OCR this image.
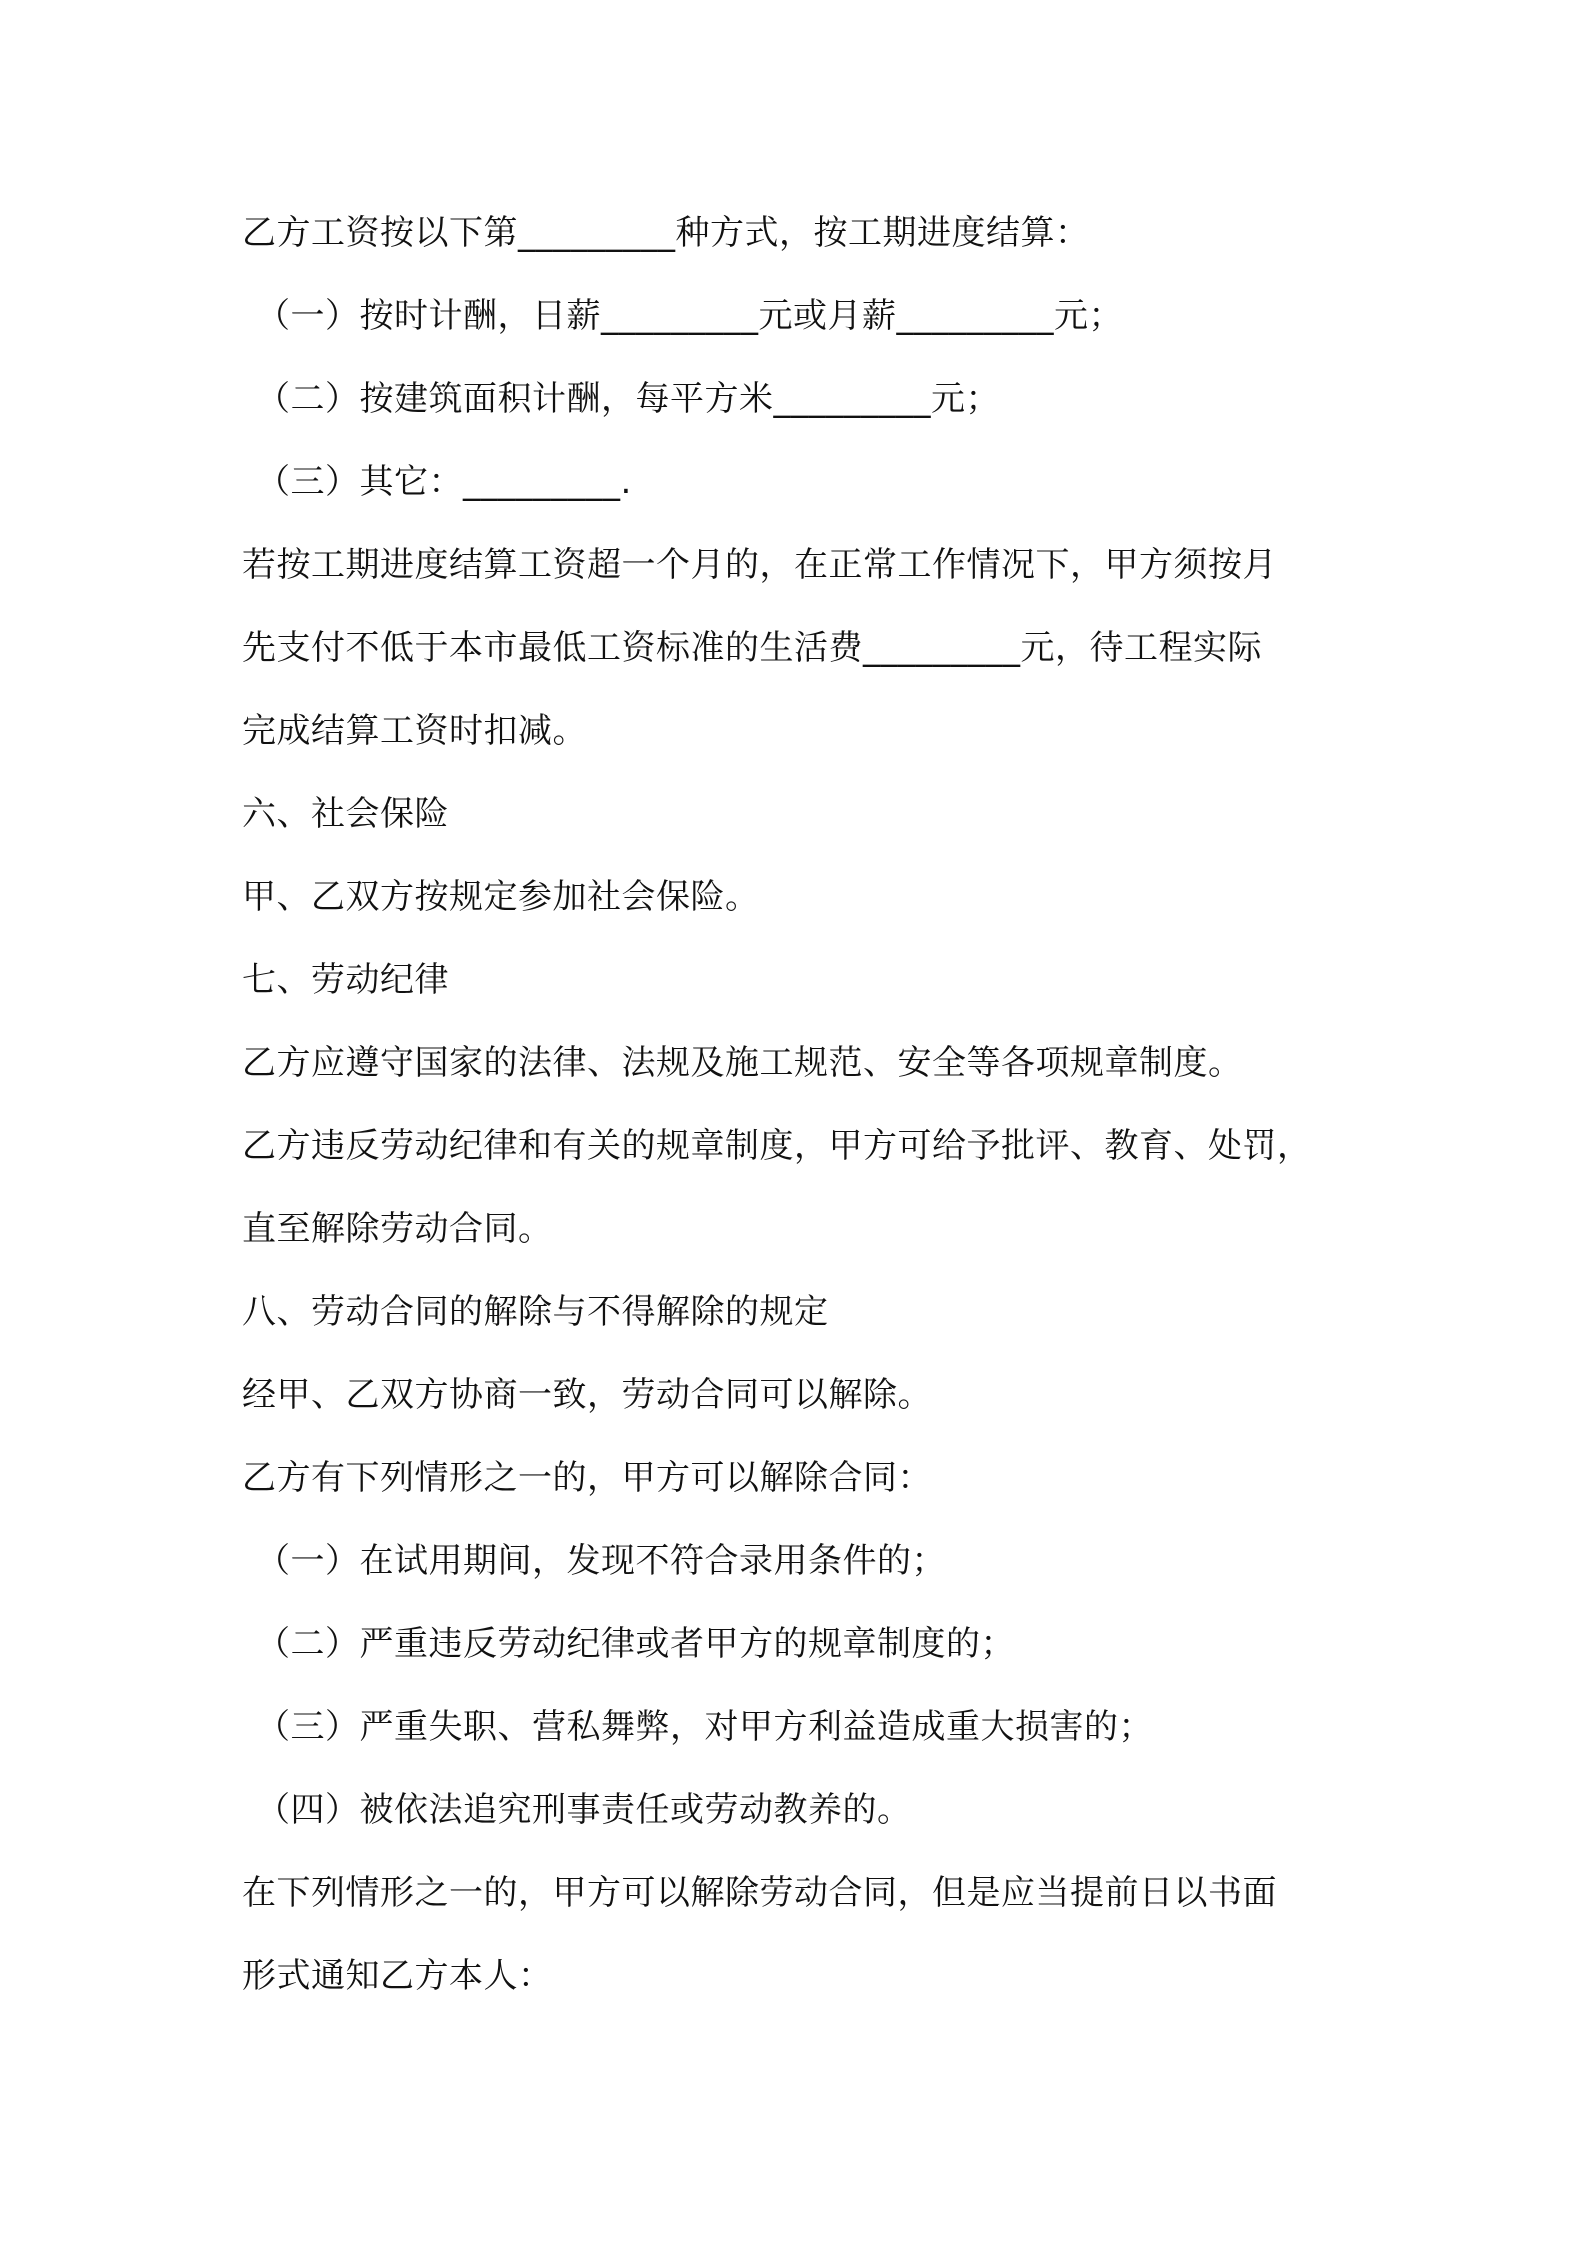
乙方工资按以下第_________种方式，按工期进度结算：
（一）按时计酬，日薪_________元或月薪_________元；
（二）按建筑面积计酬，每平方米_________元；
（三）其它：_________.
若按工期进度结算工资超一个月的，在正常工作情况下，甲方须按月
先支付不低于本市最低工资标准的生活费_________元，待工程实际
完成结算工资时扣减。
六、社会保险
甲、乙双方按规定参加社会保险。
七、劳动纪律
乙方应遵守国家的法律、法规及施工规范、安全等各项规章制度。
乙方违反劳动纪律和有关的规章制度，甲方可给予批评、教育、处罚，
直至解除劳动合同。
八、劳动合同的解除与不得解除的规定
经甲、乙双方协商一致，劳动合同可以解除。
乙方有下列情形之一的，甲方可以解除合同：
（一）在试用期间，发现不符合录用条件的；
（二）严重违反劳动纪律或者甲方的规章制度的；
（三）严重失职、营私舞弊，对甲方利益造成重大损害的；
（四）被依法追究刑事责任或劳动教养的。
在下列情形之一的，甲方可以解除劳动合同，但是应当提前日以书面
形式通知乙方本人：
